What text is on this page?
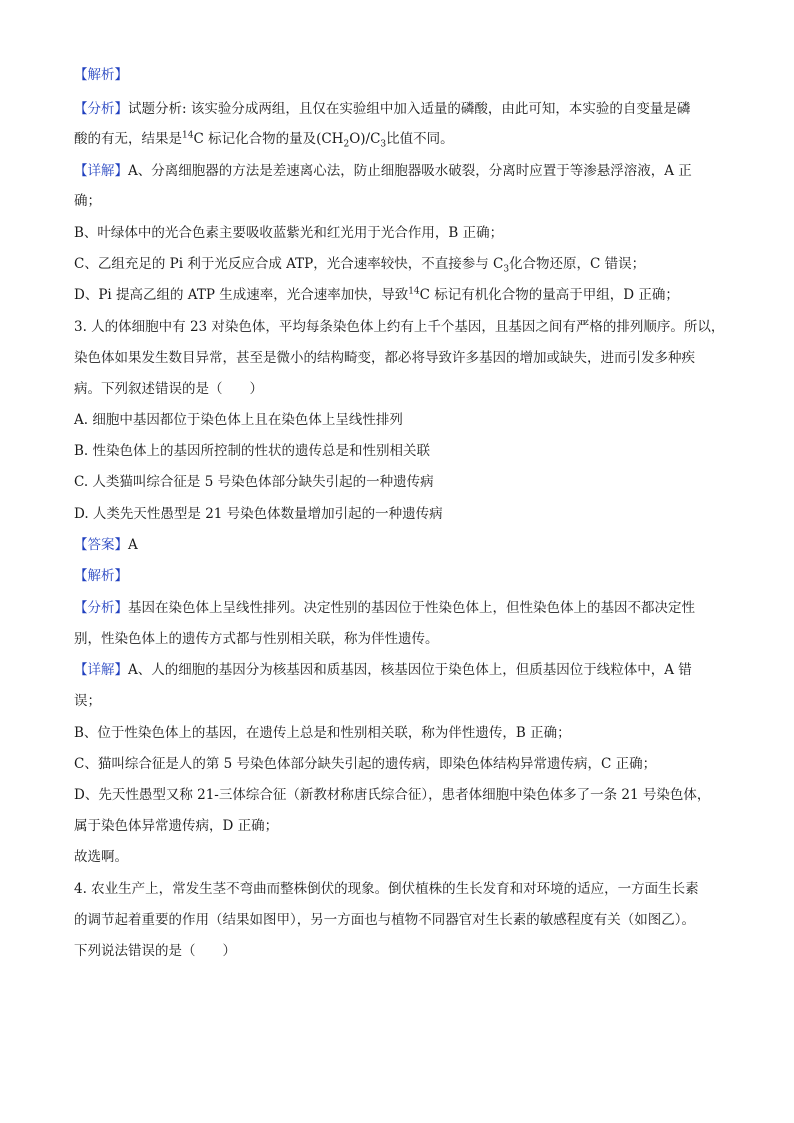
【解析】
【分析】试题分析: 该实验分成两组，且仅在实验组中加入适量的磷酸，由此可知，本实验的自变量是磷
酸的有无，结果是$^{14}$C 标记化合物的量及$(CH_2O)/C_3$比值不同。
【详解】A、分离细胞器的方法是差速离心法，防止细胞器吸水破裂，分离时应置于等渗悬浮溶液，A 正
确；
B、叶绿体中的光合色素主要吸收蓝紫光和红光用于光合作用，B 正确；
C、乙组充足的 Pi 利于光反应合成 ATP，光合速率较快，不直接参与 $C_3$化合物还原，C 错误；
D、Pi 提高乙组的 ATP 生成速率，光合速率加快，导致$^{14}$C 标记有机化合物的量高于甲组，D 正确；
3. 人的体细胞中有 23 对染色体，平均每条染色体上约有上千个基因，且基因之间有严格的排列顺序。所以，
染色体如果发生数目异常，甚至是微小的结构畸变，都必将导致许多基因的增加或缺失，进而引发多种疾
病。下列叙述错误的是（　　）
A. 细胞中基因都位于染色体上且在染色体上呈线性排列
B. 性染色体上的基因所控制的性状的遗传总是和性别相关联
C. 人类猫叫综合征是 5 号染色体部分缺失引起的一种遗传病
D. 人类先天性愚型是 21 号染色体数量增加引起的一种遗传病
【答案】A
【解析】
【分析】基因在染色体上呈线性排列。决定性别的基因位于性染色体上，但性染色体上的基因不都决定性
别，性染色体上的遗传方式都与性别相关联，称为伴性遗传。
【详解】A、人的细胞的基因分为核基因和质基因，核基因位于染色体上，但质基因位于线粒体中，A 错
误；
B、位于性染色体上的基因，在遗传上总是和性别相关联，称为伴性遗传，B 正确；
C、猫叫综合征是人的第 5 号染色体部分缺失引起的遗传病，即染色体结构异常遗传病，C 正确；
D、先天性愚型又称 21-三体综合征（新教材称唐氏综合征），患者体细胞中染色体多了一条 21 号染色体，
属于染色体异常遗传病，D 正确；
故选啊。
4. 农业生产上，常发生茎不弯曲而整株倒伏的现象。倒伏植株的生长发育和对环境的适应，一方面生长素
的调节起着重要的作用（结果如图甲），另一方面也与植物不同器官对生长素的敏感程度有关（如图乙）。
下列说法错误的是（　　）
